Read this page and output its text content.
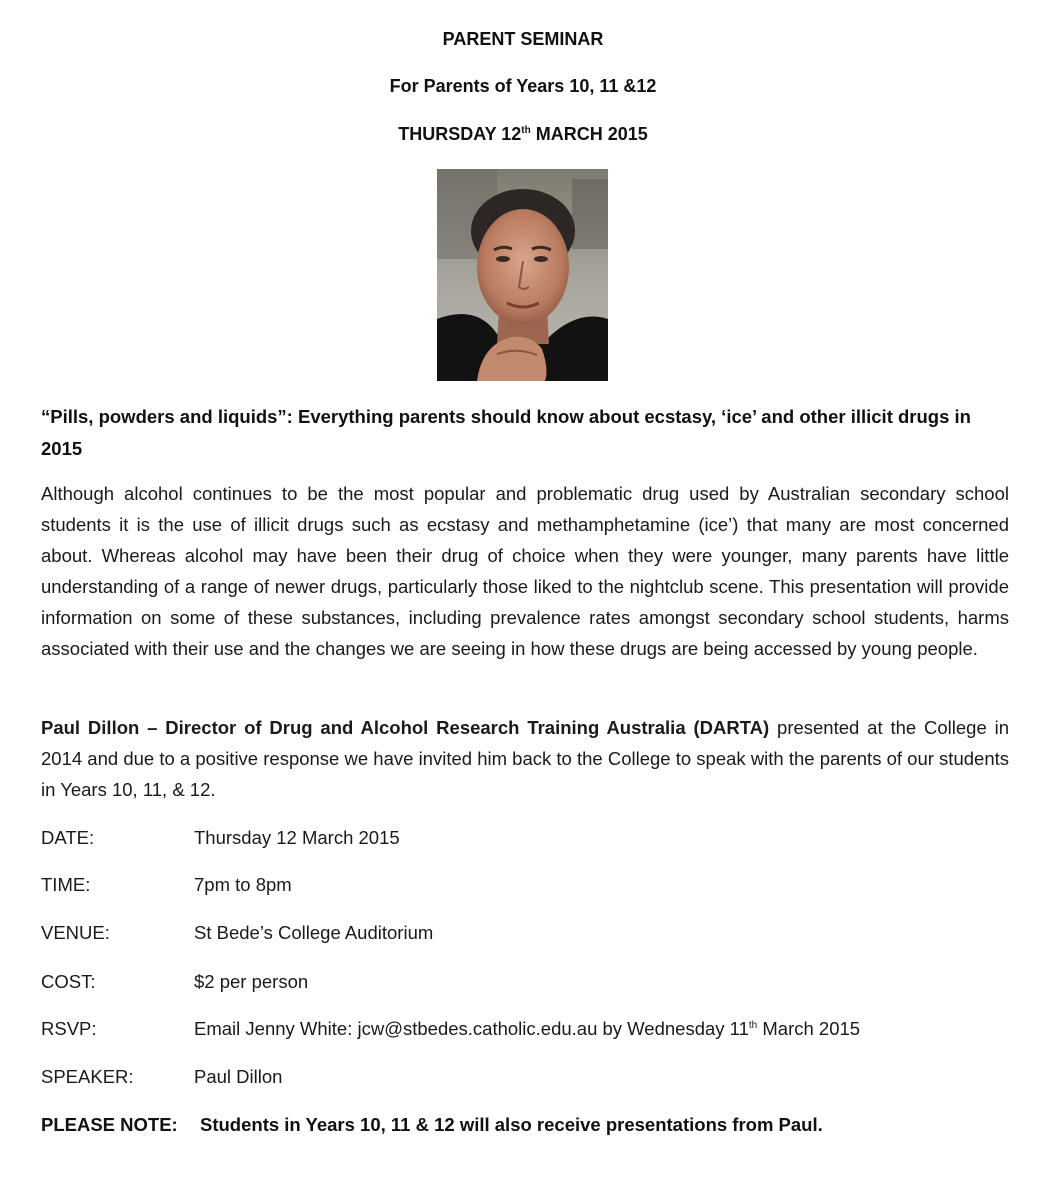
PARENT SEMINAR
For Parents of Years 10, 11 &12
THURSDAY 12th MARCH 2015
“Pills, powders and liquids”: Everything parents should know about ecstasy, ‘ice’ and other illicit drugs in 2015
Although alcohol continues to be the most popular and problematic drug used by Australian secondary school students it is the use of illicit drugs such as ecstasy and methamphetamine (ice’) that many are most concerned about. Whereas alcohol may have been their drug of choice when they were younger, many parents have little understanding of a range of newer drugs, particularly those liked to the nightclub scene. This presentation will provide information on some of these substances, including prevalence rates amongst secondary school students, harms associated with their use and the changes we are seeing in how these drugs are being accessed by young people.
Paul Dillon – Director of Drug and Alcohol Research Training Australia (DARTA) presented at the College in 2014 and due to a positive response we have invited him back to the College to speak with the parents of our students in Years 10, 11, & 12.
DATE:	Thursday 12 March 2015
TIME:	7pm to 8pm
VENUE:	St Bede’s College Auditorium
COST:	$2 per person
RSVP:	Email Jenny White: jcw@stbedes.catholic.edu.au by Wednesday 11th March 2015
SPEAKER:	Paul Dillon
PLEASE NOTE: Students in Years 10, 11 & 12 will also receive presentations from Paul.
